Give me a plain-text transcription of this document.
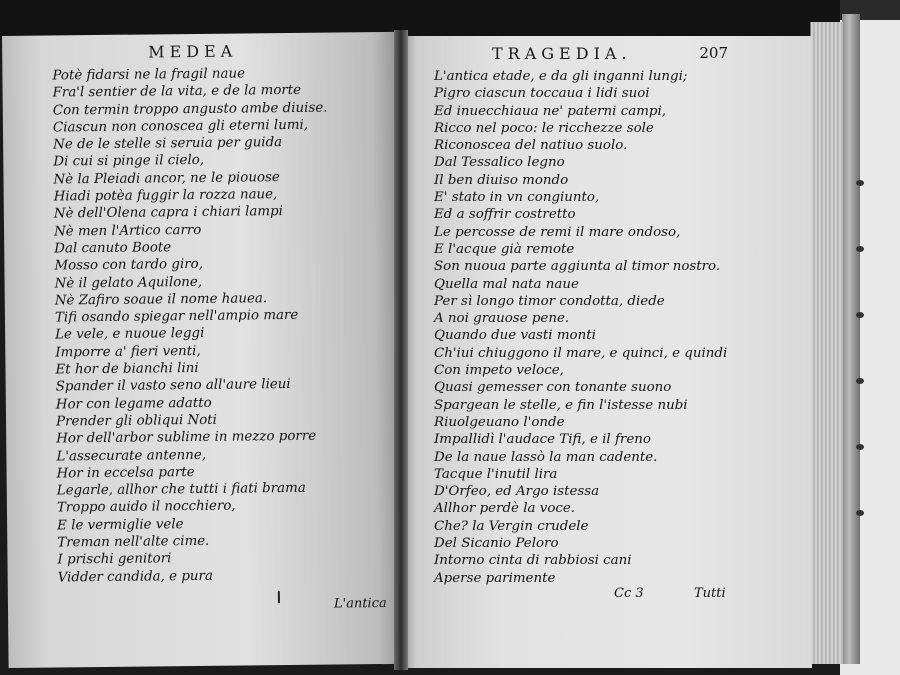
MEDEA
Potè fidarsi ne la fragil naue
Fra'l sentier de la vita, e de la morte
Con termin troppo angusto ambe diuise.
Ciascun non conoscea gli eterni lumi,
Ne de le stelle si seruia per guida
Di cui si pinge il cielo,
Nè la Pleiadi ancor, ne le piouose
Hiadi potèa fuggir la rozza naue,
Nè dell'Olena capra i chiari lampi
Nè men l'Artico carro
Dal canuto Boote
Mosso con tardo giro,
Nè il gelato Aquilone,
Nè Zafiro soaue il nome hauea.
Tifi osando spiegar nell'ampio mare
Le vele, e nuoue leggi
Imporre a' fieri venti,
Et hor de bianchi lini
Spander il vasto seno all'aure lieui
Hor con legame adatto
Prender gli obliqui Noti
Hor dell'arbor sublime in mezzo porre
L'assecurate antenne,
Hor in eccelsa parte
Legarle, allhor che tutti i fiati brama
Troppo auido il nocchiero,
E le vermiglie vele
Treman nell'alte cime.
I prischi genitori
Vidder candida, e pura
L'antica
TRAGEDIA.	207
L'antica etade, e da gli inganni lungi;
Pigro ciascun toccaua i lidi suoi
Ed inuecchiaua ne' paterni campi,
Ricco nel poco: le ricchezze sole
Riconoscea del natiuo suolo.
Dal Tessalico legno
Il ben diuiso mondo
E' stato in vn congiunto,
Ed a soffrir costretto
Le percosse de remi il mare ondoso,
E l'acque già remote
Son nuoua parte aggiunta al timor nostro.
Quella mal nata naue
Per sì longo timor condotta, diede
A noi grauose pene.
Quando due vasti monti
Ch'iui chiuggono il mare, e quinci, e quindi
Con impeto veloce,
Quasi gemesser con tonante suono
Spargean le stelle, e fin l'istesse nubi
Riuolgeuano l'onde
Impallidì l'audace Tifi, e il freno
De la naue lassò la man cadente.
Tacque l'inutil lira
D'Orfeo, ed Argo istessa
Allhor perdè la voce.
Che? la Vergin crudele
Del Sicanio Peloro
Intorno cinta di rabbiosi cani
Aperse parimente
Cc 3	Tutti
